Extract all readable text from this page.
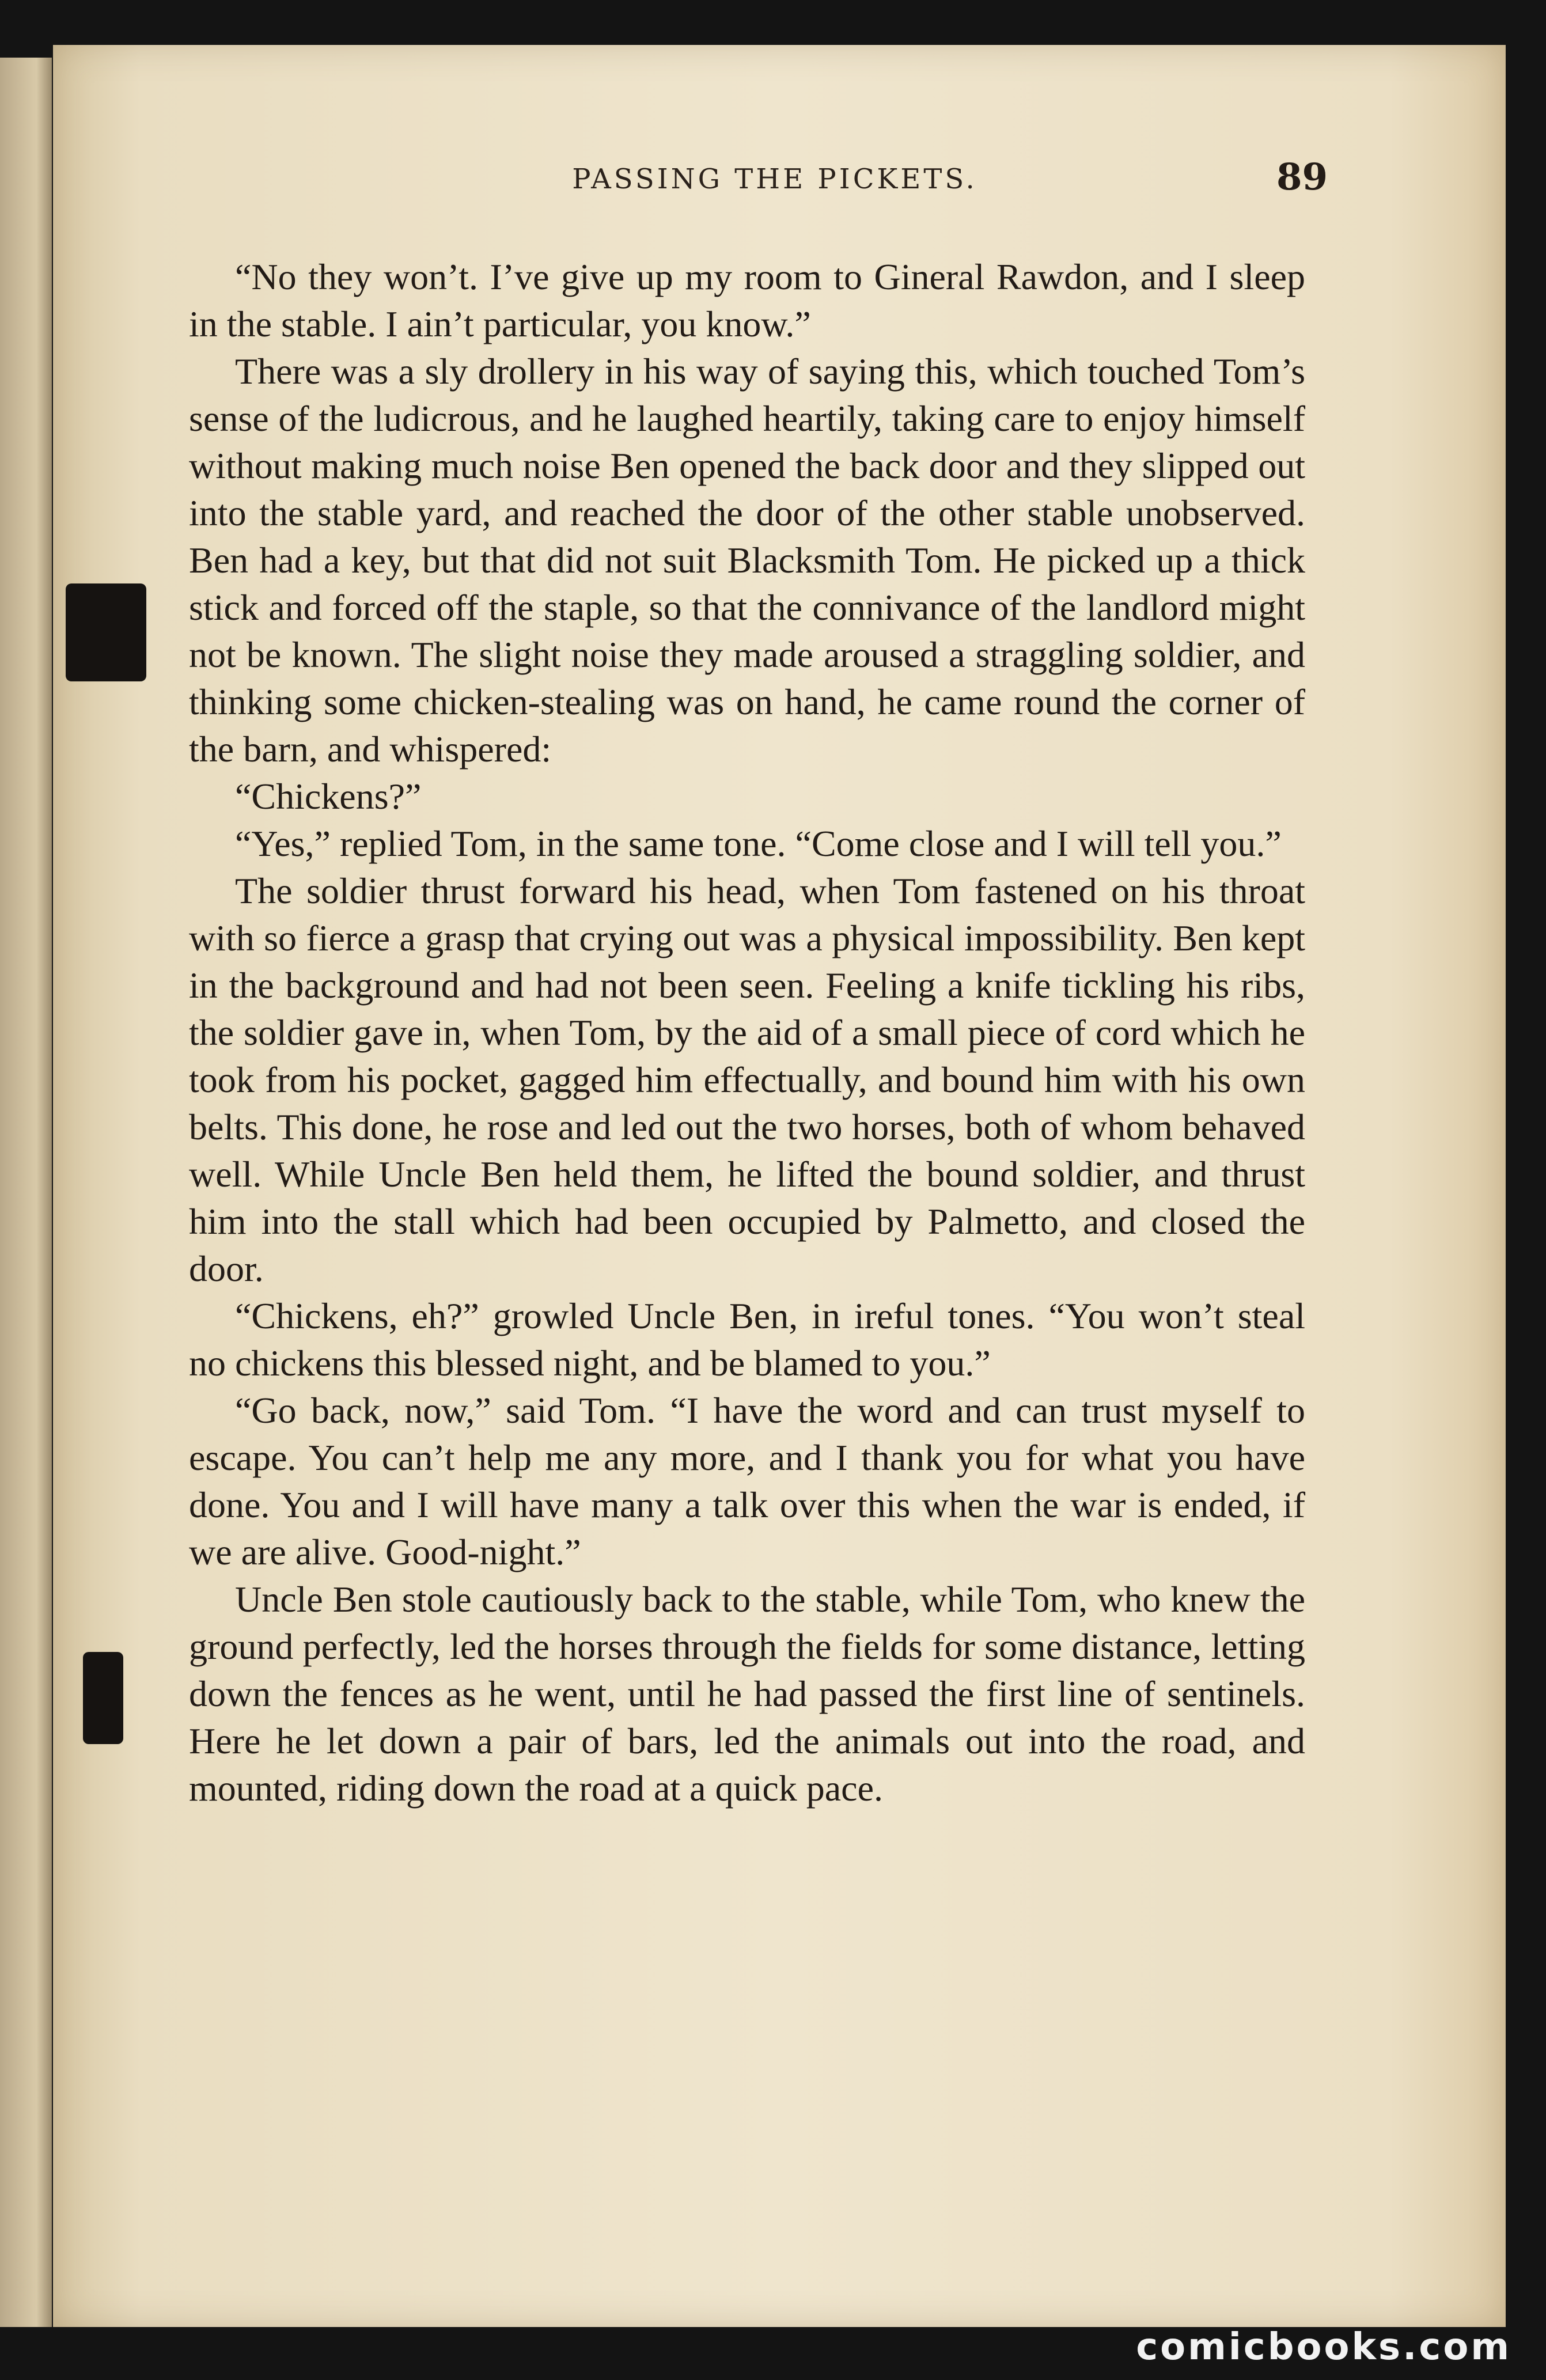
PASSING THE PICKETS.	89

“No they won’t. I’ve give up my room to Gineral Rawdon, and I sleep in the stable. I ain’t particular, you know.”

There was a sly drollery in his way of saying this, which touched Tom’s sense of the ludicrous, and he laughed heartily, taking care to enjoy himself without making much noise Ben opened the back door and they slipped out into the stable yard, and reached the door of the other stable unobserved. Ben had a key, but that did not suit Blacksmith Tom. He picked up a thick stick and forced off the staple, so that the connivance of the landlord might not be known. The slight noise they made aroused a straggling soldier, and thinking some chicken-stealing was on hand, he came round the corner of the barn, and whispered:

“Chickens?”

“Yes,” replied Tom, in the same tone. “Come close and I will tell you.”

The soldier thrust forward his head, when Tom fastened on his throat with so fierce a grasp that crying out was a physical impossibility. Ben kept in the background and had not been seen. Feeling a knife tickling his ribs, the soldier gave in, when Tom, by the aid of a small piece of cord which he took from his pocket, gagged him effectually, and bound him with his own belts. This done, he rose and led out the two horses, both of whom behaved well. While Uncle Ben held them, he lifted the bound soldier, and thrust him into the stall which had been occupied by Palmetto, and closed the door.

“Chickens, eh?” growled Uncle Ben, in ireful tones. “You won’t steal no chickens this blessed night, and be blamed to you.”

“Go back, now,” said Tom. “I have the word and can trust myself to escape. You can’t help me any more, and I thank you for what you have done. You and I will have many a talk over this when the war is ended, if we are alive. Good-night.”

Uncle Ben stole cautiously back to the stable, while Tom, who knew the ground perfectly, led the horses through the fields for some distance, letting down the fences as he went, until he had passed the first line of sentinels. Here he let down a pair of bars, led the animals out into the road, and mounted, riding down the road at a quick pace.

comicbooks.com
